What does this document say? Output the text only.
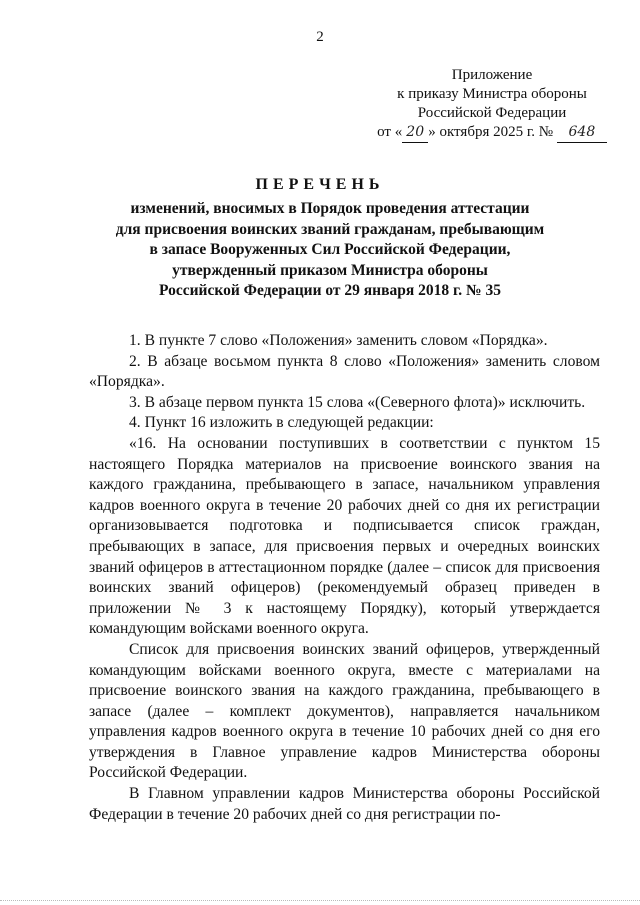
2
Приложение
к приказу Министра обороны
Российской Федерации
от « 20 » октября 2025 г. № 648
ПЕРЕЧЕНЬ
изменений, вносимых в Порядок проведения аттестации
для присвоения воинских званий гражданам, пребывающим
в запасе Вооруженных Сил Российской Федерации,
утвержденный приказом Министра обороны
Российской Федерации от 29 января 2018 г. № 35

1. В пункте 7 слово «Положения» заменить словом «Порядка».

2. В абзаце восьмом пункта 8 слово «Положения» заменить словом «Порядка».

3. В абзаце первом пункта 15 слова «(Северного флота)» исключить.

4. Пункт 16 изложить в следующей редакции:

«16. На основании поступивших в соответствии с пунктом 15 настоящего Порядка материалов на присвоение воинского звания на каждого гражданина, пребывающего в запасе, начальником управления кадров военного округа в течение 20 рабочих дней со дня их регистрации организовывается подготовка и подписывается список граждан, пребывающих в запасе, для присвоения первых и очередных воинских званий офицеров в аттестационном порядке (далее – список для присвоения воинских званий офицеров) (рекомендуемый образец приведен в приложении № 3 к настоящему Порядку), который утверждается командующим войсками военного округа.

Список для присвоения воинских званий офицеров, утвержденный командующим войсками военного округа, вместе с материалами на присвоение воинского звания на каждого гражданина, пребывающего в запасе (далее – комплект документов), направляется начальником управления кадров военного округа в течение 10 рабочих дней со дня его утверждения в Главное управление кадров Министерства обороны Российской Федерации.

В Главном управлении кадров Министерства обороны Российской Федерации в течение 20 рабочих дней со дня регистрации по-
